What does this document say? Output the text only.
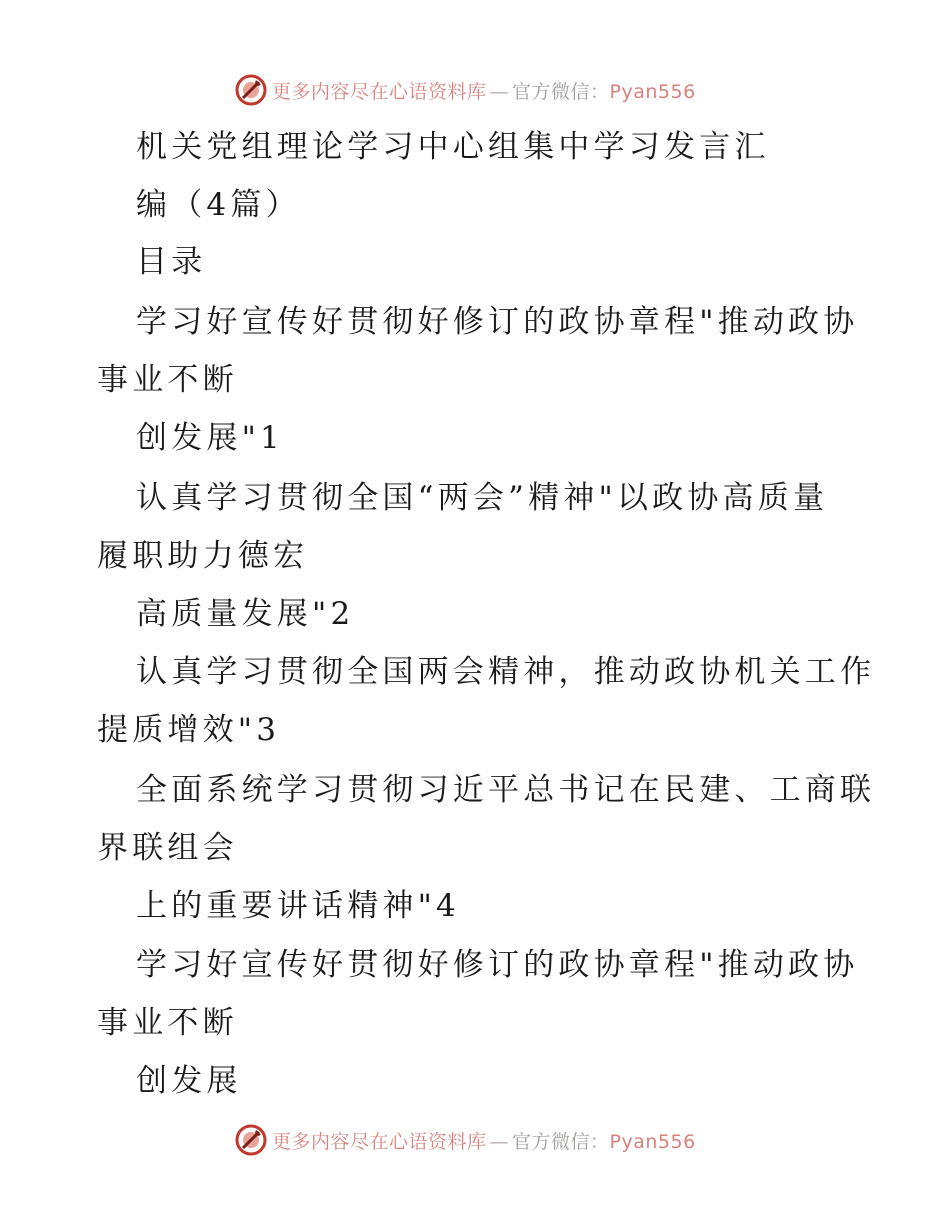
更多内容尽在心语资料库 — 官方微信：Pyan556
机关党组理论学习中心组集中学习发言汇
编（4篇）
目录
学习好宣传好贯彻好修订的政协章程"推动政协
事业不断
创发展"1
认真学习贯彻全国“两会”精神"以政协高质量
履职助力德宏
高质量发展"2
认真学习贯彻全国两会精神，推动政协机关工作
提质增效"3
全面系统学习贯彻习近平总书记在民建、工商联
界联组会
上的重要讲话精神"4
学习好宣传好贯彻好修订的政协章程"推动政协
事业不断
创发展
更多内容尽在心语资料库 — 官方微信：Pyan556
